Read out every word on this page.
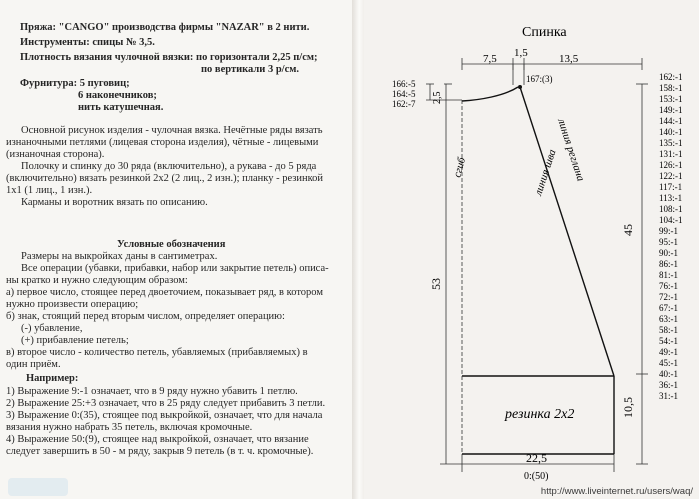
Пряжа: "CANGO" производства фирмы "NAZAR" в 2 нити.
Инструменты: спицы № 3,5.
Плотность вязания чулочной вязки: по горизонтали 2,25 п/см;
по вертикали 3 р/см.
Фурнитура: 5 пуговиц;
6 наконечников;
нить катушечная.
Основной рисунок изделия - чулочная вязка. Нечётные ряды вязать
изнаночными петлями (лицевая сторона изделия), чётные - лицевыми
(изнаночная сторона).
Полочку и спинку до 30 ряда (включительно), а рукава - до 5 ряда
(включительно) вязать резинкой 2х2 (2 лиц., 2 изн.); планку - резинкой
1х1 (1 лиц., 1 изн.).
Карманы и воротник вязать по описанию.
Условные обозначения
Размеры на выкройках даны в сантиметрах.
Все операции (убавки, прибавки, набор или закрытие петель) описа-
ны кратко и нужно следующим образом:
а) первое число, стоящее перед двоеточием, показывает ряд, в котором
нужно произвести операцию;
б) знак, стоящий перед вторым числом, определяет операцию:
(-) убавление,
(+) прибавление петель;
в) второе число - количество петель, убавляемых (прибавляемых) в
один приём.
Например:
1) Выражение 9:-1 означает, что в 9 ряду нужно убавить 1 петлю.
2) Выражение 25:+3 означает, что в 25 ряду следует прибавить 3 петли.
3) Выражение 0:(35), стоящее под выкройкой, означает, что для начала
вязания нужно набрать 35 петель, включая кромочные.
4) Выражение 50:(9), стоящее над выкройкой, означает, что вязание
следует завершить в 50 - м ряду, закрыв 9 петель (в т. ч. кромочные).
Спинка
7,5 1,5	13,5
167:(3)
166:-5
164:-5
162:-7 2,5
53
45
10,5
сгиб	линия шва
линия реглана
резинка 2х2
22,5
0:(50)
162:-1
158:-1
153:-1
149:-1
144:-1
140:-1
135:-1
131:-1
126:-1
122:-1
117:-1
113:-1
108:-1
104:-1
99:-1
95:-1
90:-1
86:-1
81:-1
76:-1
72:-1
67:-1
63:-1
58:-1
54:-1
49:-1
45:-1
40:-1
36:-1
31:-1
http://www.liveinternet.ru/users/waq/
